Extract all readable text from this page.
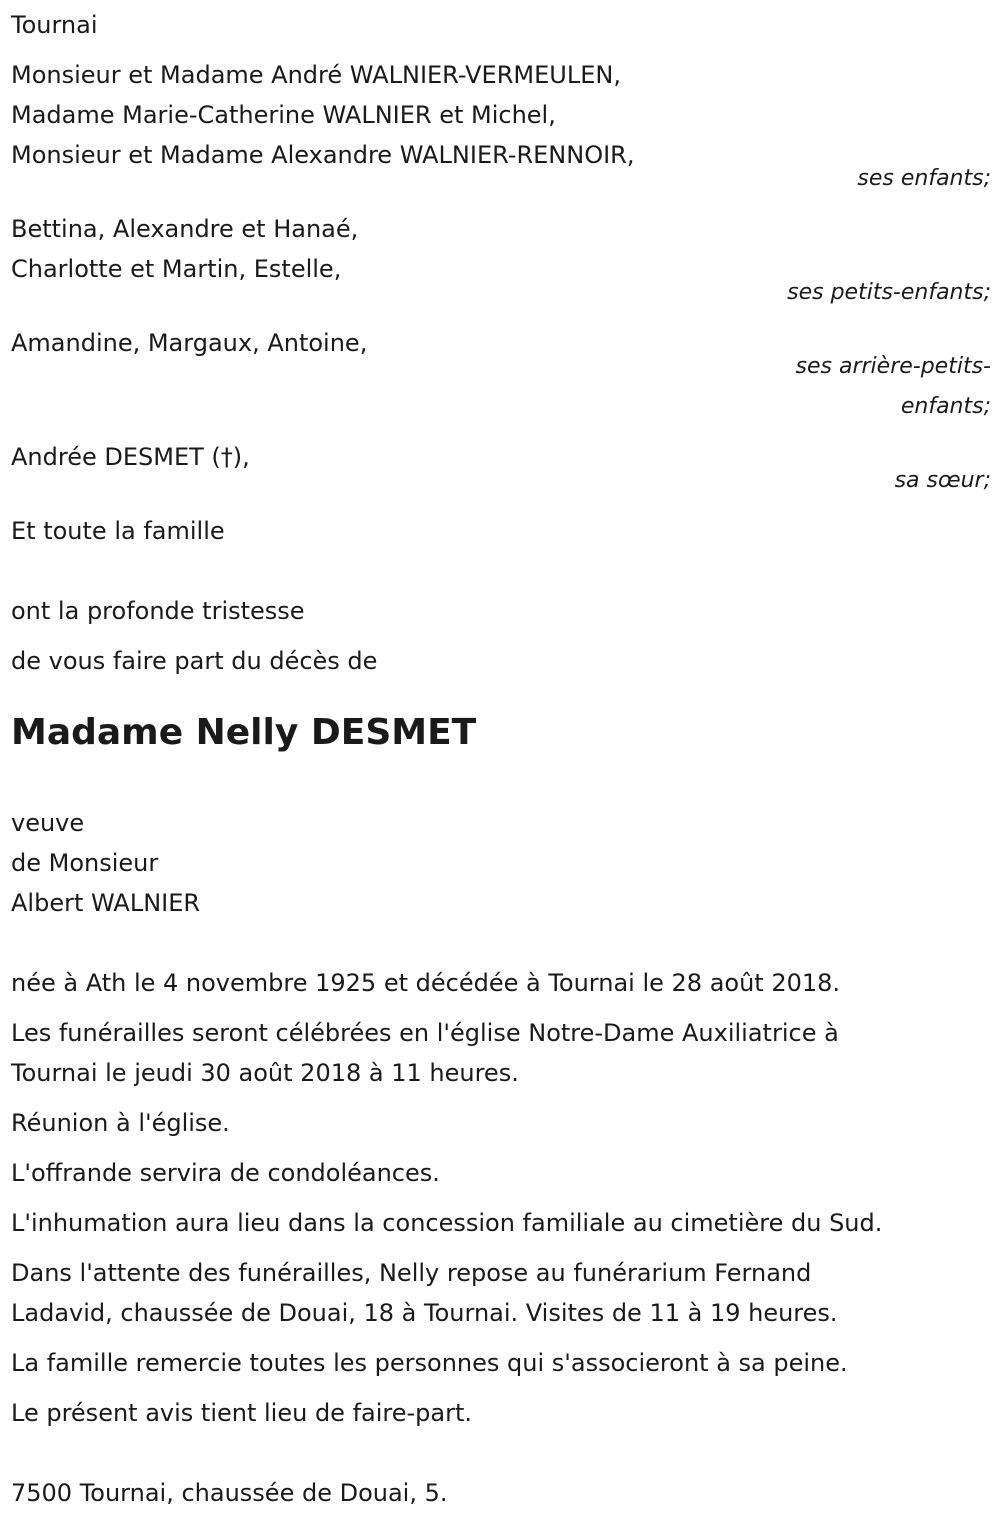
Tournai
Monsieur et Madame André WALNIER-VERMEULEN,
Madame Marie-Catherine WALNIER et Michel,
Monsieur et Madame Alexandre WALNIER-RENNOIR,
ses enfants;
Bettina, Alexandre et Hanaé,
Charlotte et Martin, Estelle,
ses petits-enfants;
Amandine, Margaux, Antoine,
ses arrière-petits-
enfants;
Andrée DESMET (†),
sa sœur;
Et toute la famille
ont la profonde tristesse
de vous faire part du décès de
Madame Nelly DESMET
veuve
de Monsieur
Albert WALNIER
née à Ath le 4 novembre 1925 et décédée à Tournai le 28 août 2018.
Les funérailles seront célébrées en l'église Notre-Dame Auxiliatrice à
Tournai le jeudi 30 août 2018 à 11 heures.
Réunion à l'église.
L'offrande servira de condoléances.
L'inhumation aura lieu dans la concession familiale au cimetière du Sud.
Dans l'attente des funérailles, Nelly repose au funérarium Fernand
Ladavid, chaussée de Douai, 18 à Tournai. Visites de 11 à 19 heures.
La famille remercie toutes les personnes qui s'associeront à sa peine.
Le présent avis tient lieu de faire-part.
7500 Tournai, chaussée de Douai, 5.
